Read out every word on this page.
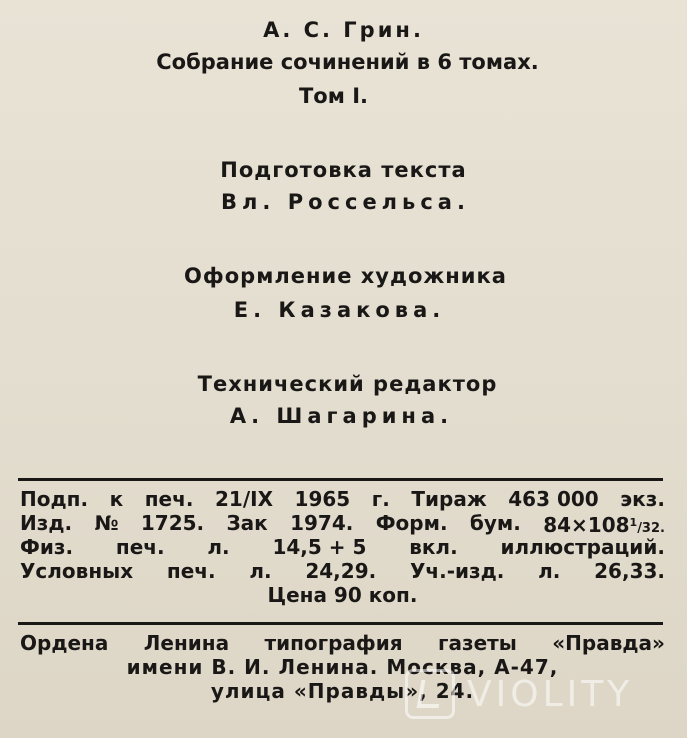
А. С. Грин.
Собрание сочинений в 6 томах.
Том I.
Подготовка текста
Вл. Россельса.
Оформление художника
Е. Казакова.
Технический редактор
А. Шагарина.
Подп. к печ. 21/IX 1965 г. Тираж 463 000 экз.
Изд. № 1725. Зак 1974. Форм. бум. $84\times 108^1/32$.
Физ. печ. л. 14,5 + 5 вкл. иллюстраций.
Условных печ. л. 24,29. Уч.-изд. л. 26,33.
Цена 90 коп.
Ордена Ленина типография газеты «Правда»
имени В. И. Ленина. Москва, А-47,
улица «Правды», 24.
VIOLITY
